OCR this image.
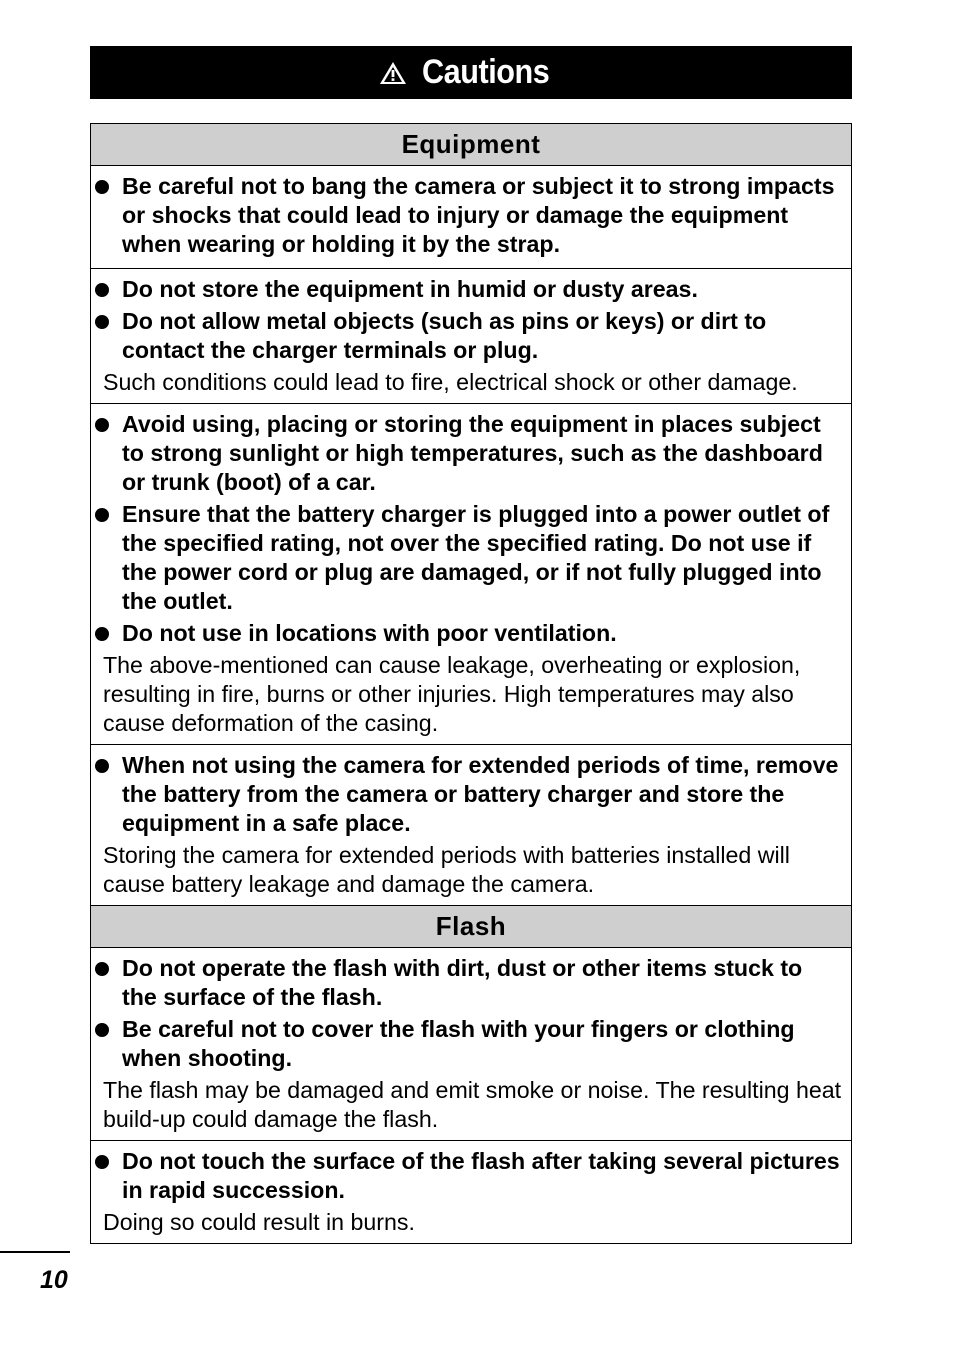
Cautions
Equipment
Be careful not to bang the camera or subject it to strong impacts or shocks that could lead to injury or damage the equipment when wearing or holding it by the strap.
Do not store the equipment in humid or dusty areas.
Do not allow metal objects (such as pins or keys) or dirt to contact the charger terminals or plug.
Such conditions could lead to fire, electrical shock or other damage.
Avoid using, placing or storing the equipment in places subject to strong sunlight or high temperatures, such as the dashboard or trunk (boot) of a car.
Ensure that the battery charger is plugged into a power outlet of the specified rating, not over the specified rating. Do not use if the power cord or plug are damaged, or if not fully plugged into the outlet.
Do not use in locations with poor ventilation.
The above-mentioned can cause leakage, overheating or explosion, resulting in fire, burns or other injuries. High temperatures may also cause deformation of the casing.
When not using the camera for extended periods of time, remove the battery from the camera or battery charger and store the equipment in a safe place.
Storing the camera for extended periods with batteries installed will cause battery leakage and damage the camera.
Flash
Do not operate the flash with dirt, dust or other items stuck to the surface of the flash.
Be careful not to cover the flash with your fingers or clothing when shooting.
The flash may be damaged and emit smoke or noise. The resulting heat build-up could damage the flash.
Do not touch the surface of the flash after taking several pictures in rapid succession.
Doing so could result in burns.
10
